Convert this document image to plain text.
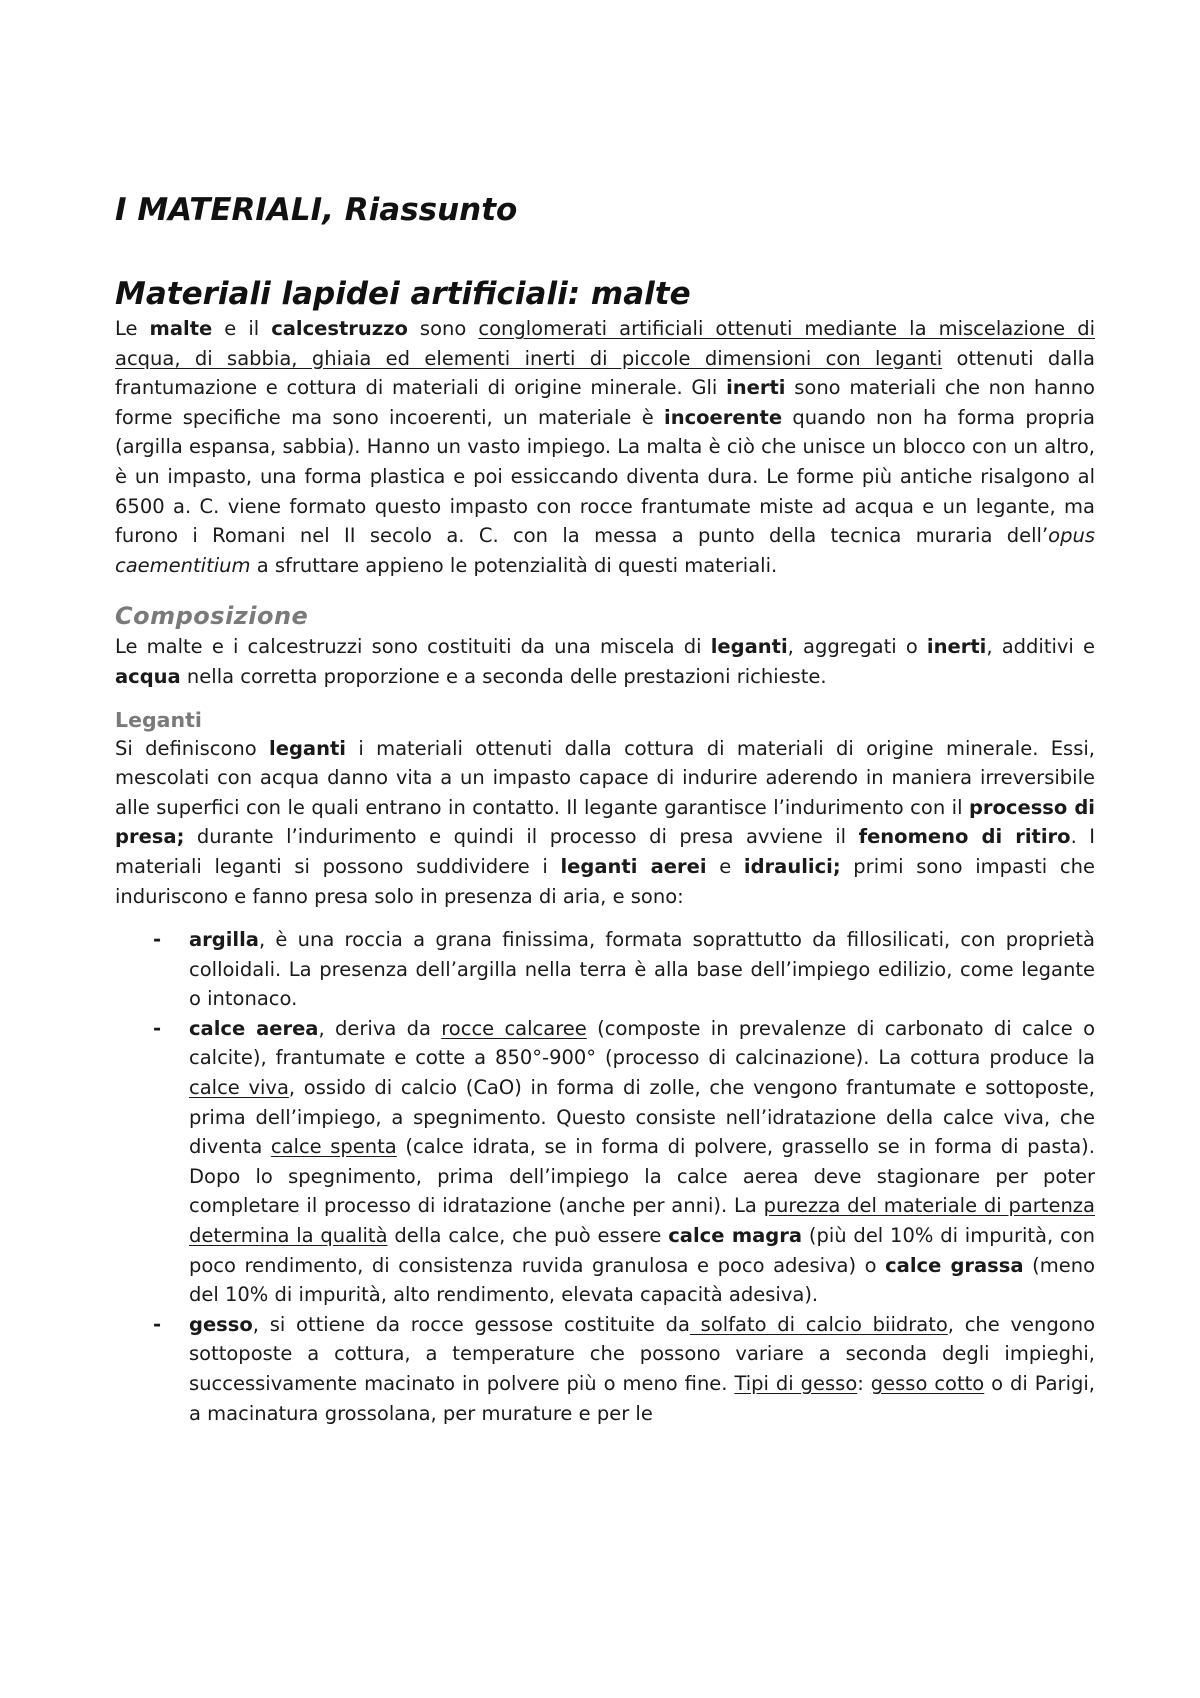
I MATERIALI, Riassunto
Materiali lapidei artificiali: malte

Le malte e il calcestruzzo sono conglomerati artificiali ottenuti mediante la miscelazione di acqua, di sabbia, ghiaia ed elementi inerti di piccole dimensioni con leganti ottenuti dalla frantumazione e cottura di materiali di origine minerale. Gli inerti sono materiali che non hanno forme specifiche ma sono incoerenti, un materiale è incoerente quando non ha forma propria (argilla espansa, sabbia). Hanno un vasto impiego. La malta è ciò che unisce un blocco con un altro, è un impasto, una forma plastica e poi essiccando diventa dura. Le forme più antiche risalgono al 6500 a. C. viene formato questo impasto con rocce frantumate miste ad acqua e un legante, ma furono i Romani nel II secolo a. C. con la messa a punto della tecnica muraria dell’opus caementitium a sfruttare appieno le potenzialità di questi materiali.

Composizione

Le malte e i calcestruzzi sono costituiti da una miscela di leganti, aggregati o inerti, additivi e acqua nella corretta proporzione e a seconda delle prestazioni richieste.

Leganti

Si definiscono leganti i materiali ottenuti dalla cottura di materiali di origine minerale. Essi, mescolati con acqua danno vita a un impasto capace di indurire aderendo in maniera irreversibile alle superfici con le quali entrano in contatto. Il legante garantisce l’indurimento con il processo di presa; durante l’indurimento e quindi il processo di presa avviene il fenomeno di ritiro. I materiali leganti si possono suddividere i leganti aerei e idraulici; primi sono impasti che induriscono e fanno presa solo in presenza di aria, e sono:

- argilla, è una roccia a grana finissima, formata soprattutto da fillosilicati, con proprietà colloidali. La presenza dell’argilla nella terra è alla base dell’impiego edilizio, come legante o intonaco.
- calce aerea, deriva da rocce calcaree (composte in prevalenze di carbonato di calce o calcite), frantumate e cotte a 850°-900° (processo di calcinazione). La cottura produce la calce viva, ossido di calcio (CaO) in forma di zolle, che vengono frantumate e sottoposte, prima dell’impiego, a spegnimento. Questo consiste nell’idratazione della calce viva, che diventa calce spenta (calce idrata, se in forma di polvere, grassello se in forma di pasta). Dopo lo spegnimento, prima dell’impiego la calce aerea deve stagionare per poter completare il processo di idratazione (anche per anni). La purezza del materiale di partenza determina la qualità della calce, che può essere calce magra (più del 10% di impurità, con poco rendimento, di consistenza ruvida granulosa e poco adesiva) o calce grassa (meno del 10% di impurità, alto rendimento, elevata capacità adesiva).
- gesso, si ottiene da rocce gessose costituite da solfato di calcio biidrato, che vengono sottoposte a cottura, a temperature che possono variare a seconda degli impieghi, successivamente macinato in polvere più o meno fine. Tipi di gesso: gesso cotto o di Parigi, a macinatura grossolana, per murature e per le
